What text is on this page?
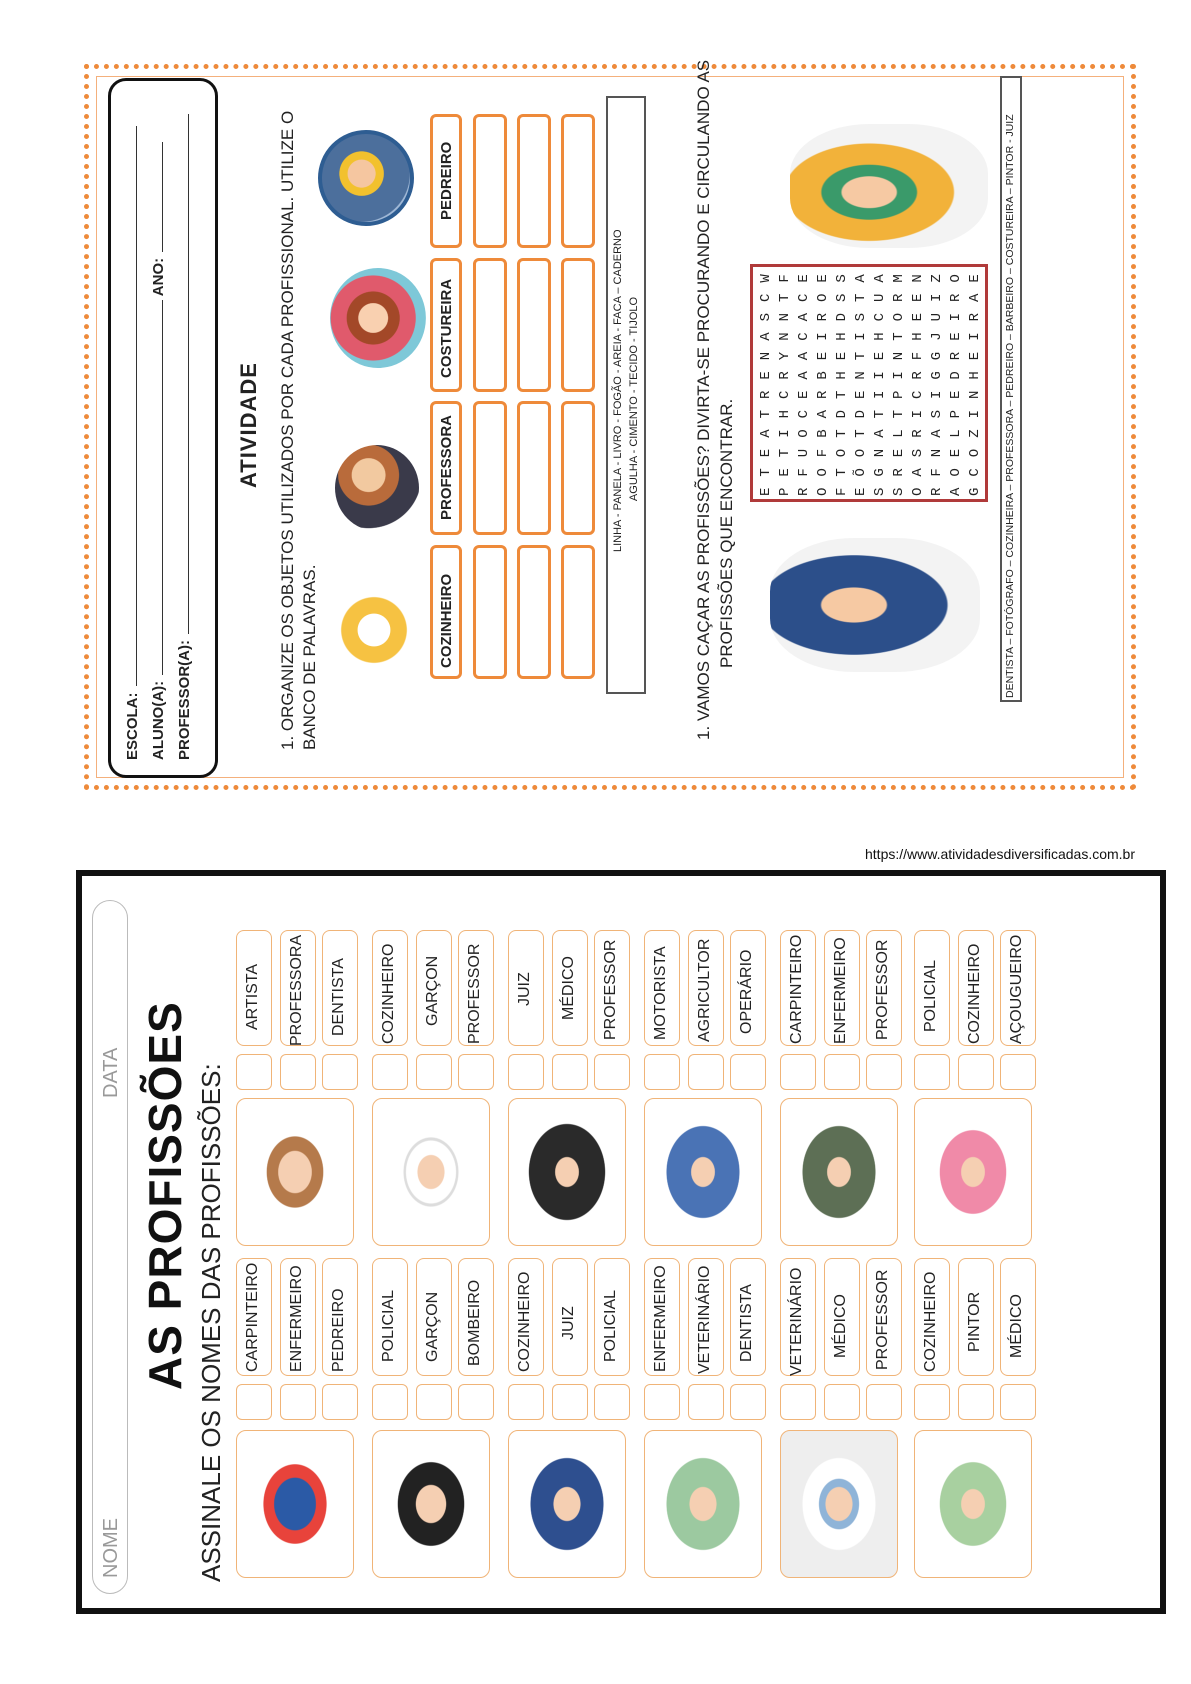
ESCOLA: ALUNO(A): ANO:
PROFESSOR(A):
ATIVIDADE 1. ORGANIZE OS OBJETOS UTILIZADOS POR CADA PROFISSIONAL. UTILIZE O BANCO DE PALAVRAS.	COZINHEIRO
PROFESSORA
COSTUREIRA
PEDREIRO
LINHA - PANELA - LIVRO - FOGÃO - AREIA - FACA – CADERNO AGULHA - CIMENTO - TECIDO - TIJOLO	1. VAMOS CAÇAR AS PROFISSÕES? DIVIRTA-SE PROCURANDO E CIRCULANDO AS PROFISSÕES QUE ENCONTRAR.
ETEATRENASCW PETIHCRYNNTF RFUOCEAACACE OOFBARBEIROE FTOTDTHEHDSS EÕOTDENTISTA SGNATIIEHCUA SRELTPINTORM OASRICRFHEEN RFNASIGGJUIZ AOELPEDREIRO GCOZINHEIRAE DENTISTA – FOTÓGRAFO – COZINHEIRA – PROFESSORA – PEDREIRO – BARBEIRO – COSTUREIRA – PINTOR - JUIZ
https://www.atividadesdiversificadas.com.br
NOME
DATA AS PROFISSÕES ASSINALE OS NOMES DAS PROFISSÕES: CARPINTEIRO ENFERMEIRO PEDREIRO
ARTISTA PROFESSORA DENTISTA
POLICIAL GARÇON BOMBEIRO
COZINHEIRO GARÇON PROFESSOR
COZINHEIRO JUIZ POLICIAL
JUIZ MÉDICO PROFESSOR
ENFERMEIRO VETERINÁRIO DENTISTA
MOTORISTA AGRICULTOR OPERÁRIO
VETERINÁRIO MÉDICO PROFESSOR
CARPINTEIRO ENFERMEIRO PROFESSOR
COZINHEIRO PINTOR MÉDICO
POLICIAL COZINHEIRO AÇOUGUEIRO
